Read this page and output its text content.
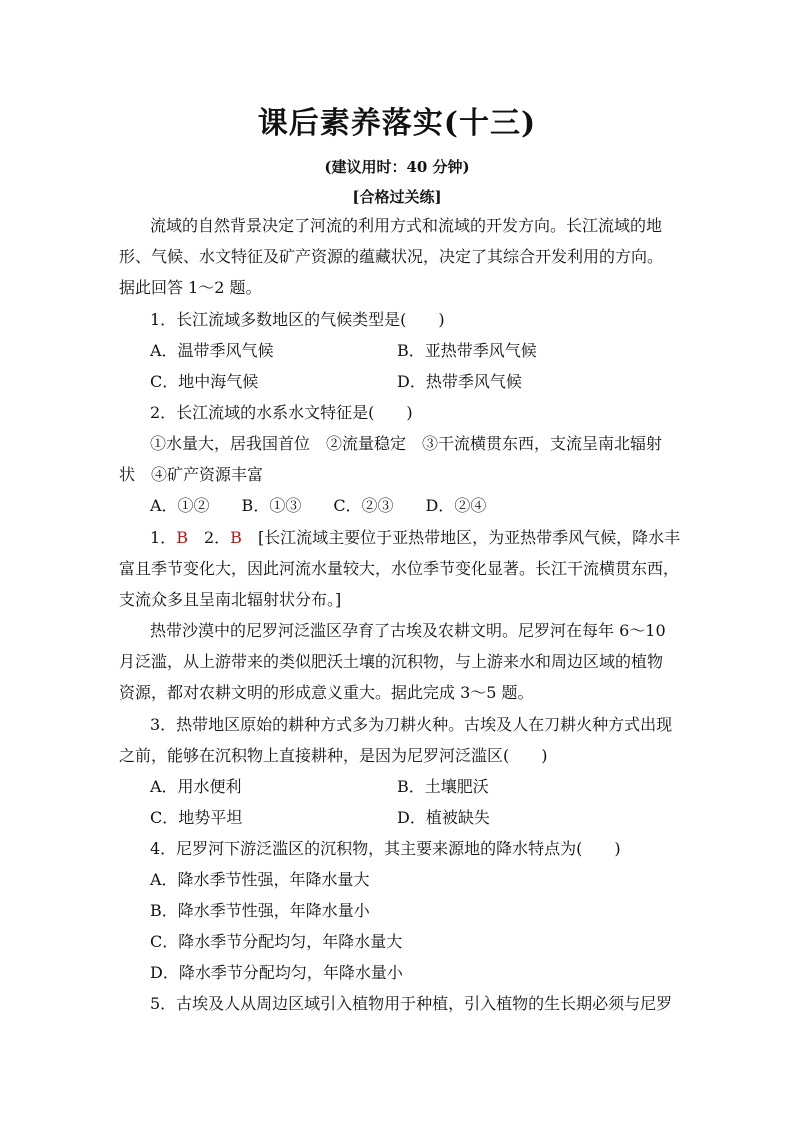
课后素养落实(十三)
(建议用时：40 分钟)
[合格过关练]
流域的自然背景决定了河流的利用方式和流域的开发方向。长江流域的地
形、气候、水文特征及矿产资源的蕴藏状况，决定了其综合开发利用的方向。
据此回答 1～2 题。
1．长江流域多数地区的气候类型是(　　)
A．温带季风气候	B．亚热带季风气候
C．地中海气候	D．热带季风气候
2．长江流域的水系水文特征是(　　)
①水量大，居我国首位　②流量稳定　③干流横贯东西，支流呈南北辐射
状　④矿产资源丰富
A．①②　　B．①③　　C．②③　　D．②④
1．B　 2．B　 [长江流域主要位于亚热带地区，为亚热带季风气候，降水丰
富且季节变化大，因此河流水量较大，水位季节变化显著。长江干流横贯东西，
支流众多且呈南北辐射状分布。]
热带沙漠中的尼罗河泛滥区孕育了古埃及农耕文明。尼罗河在每年 6～10
月泛滥，从上游带来的类似肥沃土壤的沉积物，与上游来水和周边区域的植物
资源，都对农耕文明的形成意义重大。据此完成 3～5 题。
3．热带地区原始的耕种方式多为刀耕火种。古埃及人在刀耕火种方式出现
之前，能够在沉积物上直接耕种，是因为尼罗河泛滥区(　　)
A．用水便利	B．土壤肥沃
C．地势平坦	D．植被缺失
4．尼罗河下游泛滥区的沉积物，其主要来源地的降水特点为(　　)
A．降水季节性强，年降水量大
B．降水季节性强，年降水量小
C．降水季节分配均匀，年降水量大
D．降水季节分配均匀，年降水量小
5．古埃及人从周边区域引入植物用于种植，引入植物的生长期必须与尼罗
